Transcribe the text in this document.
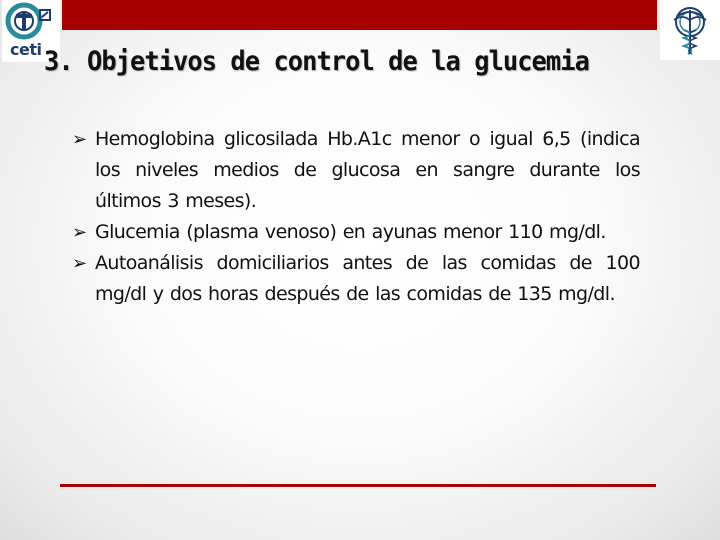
ceti 3. Objetivos de control de la glucemia
➢ Hemoglobina glicosilada Hb.A1c menor o igual 6,5 (indica los niveles medios de glucosa en sangre durante los últimos 3 meses).
➢ Glucemia (plasma venoso) en ayunas menor 110 mg/dl.
➢ Autoanálisis domiciliarios antes de las comidas de 100 mg/dl y dos horas después de las comidas de 135 mg/dl.
